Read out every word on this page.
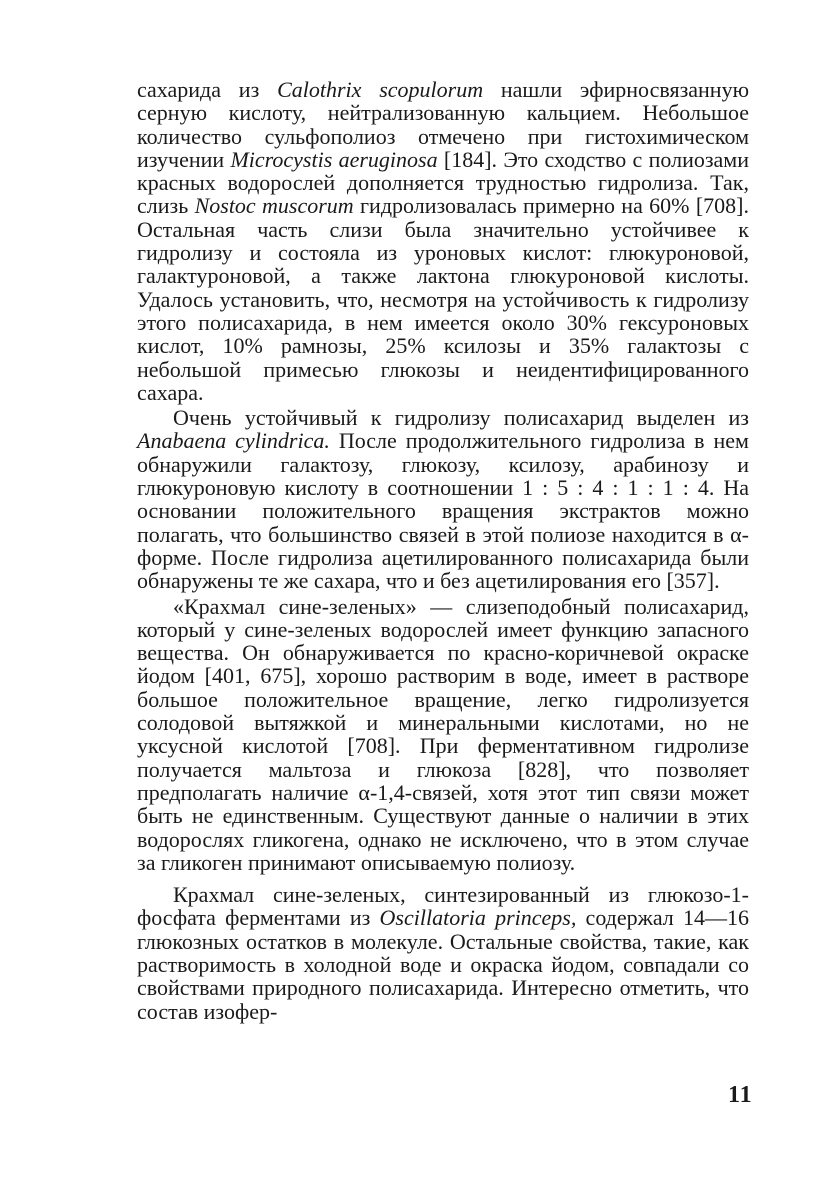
сахарида из Calothrix scopulorum нашли эфирносвязанную серную кислоту, нейтрализованную кальцием. Небольшое количество сульфополиоз отмечено при гистохимическом изучении Microcystis aeruginosa [184]. Это сходство с полиозами красных водорослей дополняется трудностью гидролиза. Так, слизь Nostoc muscorum гидролизовалась примерно на 60% [708]. Остальная часть слизи была значительно устойчивее к гидролизу и состояла из уроновых кислот: глюкуроновой, галактуроновой, а также лактона глюкуроновой кислоты. Удалось установить, что, несмотря на устойчивость к гидролизу этого полисахарида, в нем имеется около 30% гексуроновых кислот, 10% рамнозы, 25% ксилозы и 35% галактозы с небольшой примесью глюкозы и неидентифицированного сахара.

Очень устойчивый к гидролизу полисахарид выделен из Anabaena cylindrica. После продолжительного гидролиза в нем обнаружили галактозу, глюкозу, ксилозу, арабинозу и глюкуроновую кислоту в соотношении 1 : 5 : 4 : 1 : 1 : 4. На основании положительного вращения экстрактов можно полагать, что большинство связей в этой полиозе находится в α-форме. После гидролиза ацетилированного полисахарида были обнаружены те же сахара, что и без ацетилирования его [357].

«Крахмал сине-зеленых» — слизеподобный полисахарид, который у сине-зеленых водорослей имеет функцию запасного вещества. Он обнаруживается по красно-коричневой окраске йодом [401, 675], хорошо растворим в воде, имеет в растворе большое положительное вращение, легко гидролизуется солодовой вытяжкой и минеральными кислотами, но не уксусной кислотой [708]. При ферментативном гидролизе получается мальтоза и глюкоза [828], что позволяет предполагать наличие α-1,4-связей, хотя этот тип связи может быть не единственным. Существуют данные о наличии в этих водорослях гликогена, однако не исключено, что в этом случае за гликоген принимают описываемую полиозу.

Крахмал сине-зеленых, синтезированный из глюкозо-1-фосфата ферментами из Oscillatoria princeps, содержал 14—16 глюкозных остатков в молекуле. Остальные свойства, такие, как растворимость в холодной воде и окраска йодом, совпадали со свойствами природного полисахарида. Интересно отметить, что состав изофер-

11
